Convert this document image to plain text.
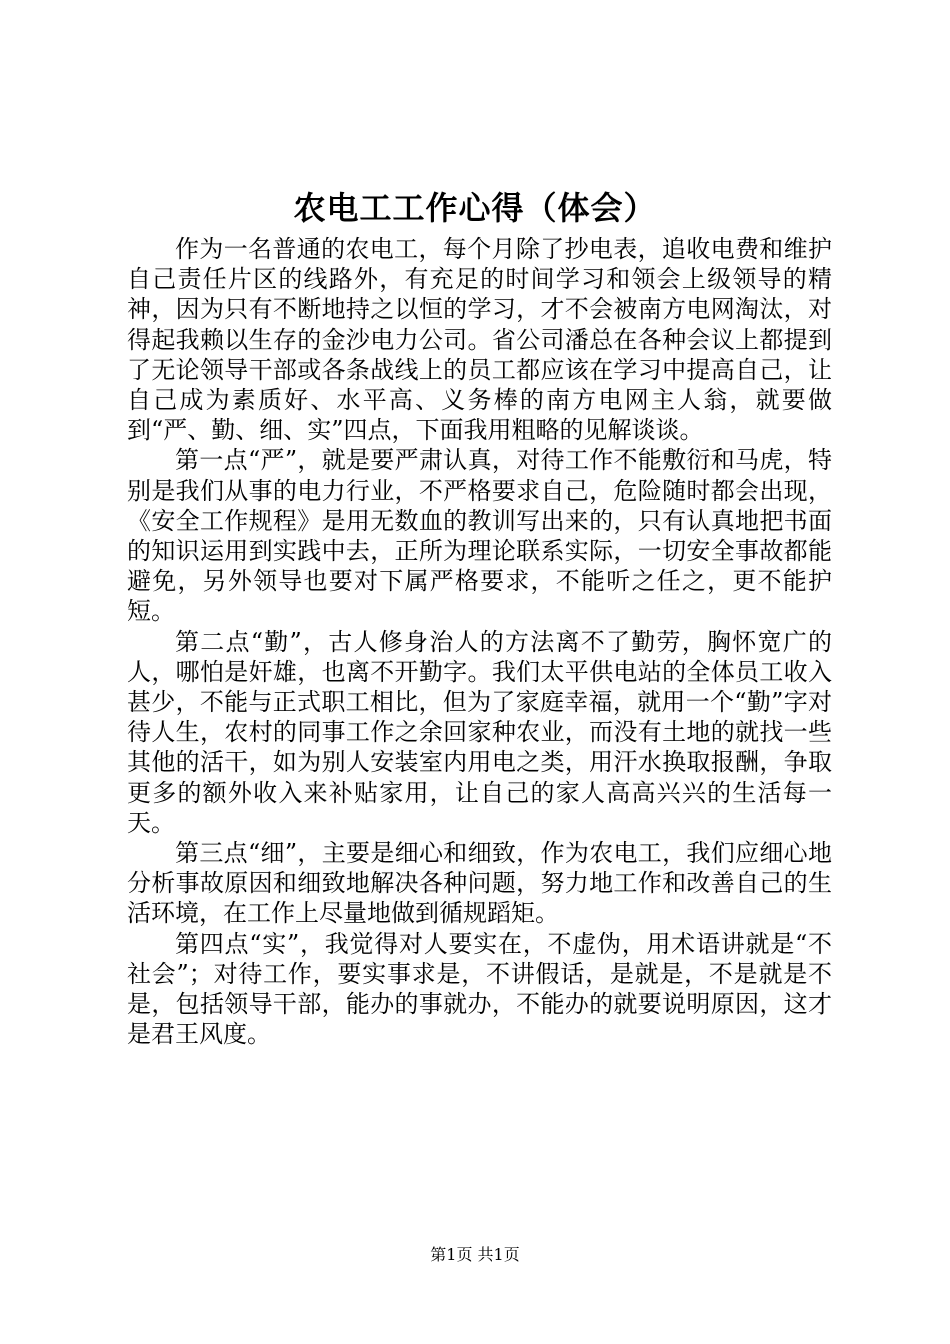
农电工工作心得（体会）

作为一名普通的农电工，每个月除了抄电表，追收电费和维护自己责任片区的线路外，有充足的时间学习和领会上级领导的精神，因为只有不断地持之以恒的学习，才不会被南方电网淘汰，对得起我赖以生存的金沙电力公司。省公司潘总在各种会议上都提到了无论领导干部或各条战线上的员工都应该在学习中提高自己，让自己成为素质好、水平高、义务棒的南方电网主人翁，就要做到“严、勤、细、实”四点，下面我用粗略的见解谈谈。

第一点“严”，就是要严肃认真，对待工作不能敷衍和马虎，特别是我们从事的电力行业，不严格要求自己，危险随时都会出现，《安全工作规程》是用无数血的教训写出来的，只有认真地把书面的知识运用到实践中去，正所为理论联系实际，一切安全事故都能避免，另外领导也要对下属严格要求，不能听之任之，更不能护短。

第二点“勤”，古人修身治人的方法离不了勤劳，胸怀宽广的人，哪怕是奸雄，也离不开勤字。我们太平供电站的全体员工收入甚少，不能与正式职工相比，但为了家庭幸福，就用一个“勤”字对待人生，农村的同事工作之余回家种农业，而没有土地的就找一些其他的活干，如为别人安装室内用电之类，用汗水换取报酬，争取更多的额外收入来补贴家用，让自己的家人高高兴兴的生活每一天。

第三点“细”，主要是细心和细致，作为农电工，我们应细心地分析事故原因和细致地解决各种问题，努力地工作和改善自己的生活环境，在工作上尽量地做到循规蹈矩。

第四点“实”，我觉得对人要实在，不虚伪，用术语讲就是“不社会”；对待工作，要实事求是，不讲假话，是就是，不是就是不是，包括领导干部，能办的事就办，不能办的就要说明原因，这才是君王风度。

第1页 共1页
